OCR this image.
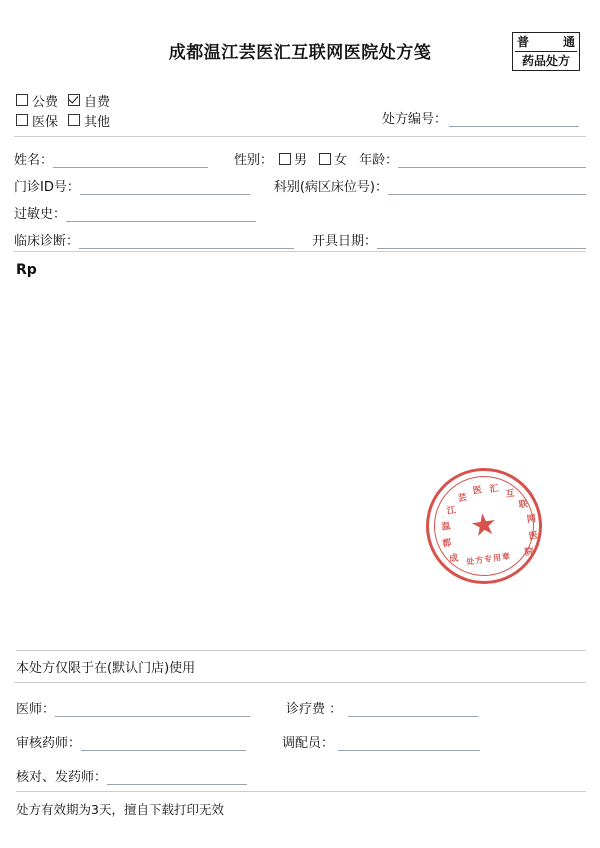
成都温江芸医汇互联网医院处方笺
普	通
药品处方
公费 自费
医保 其他	处方编号：
姓名：	性别： 男 女 年龄：
门诊ID号：	科别(病区床位号)：
过敏史：
临床诊断：	开具日期：
Rp

成
都
温
江
芸
医 汇 互
联
网
医
院
★
处方专用章
本处方仅限于在(默认门店)使用
医师：	诊疗费 ：
审核药师：	调配员：
核对、发药师：
处方有效期为3天，擅自下载打印无效
